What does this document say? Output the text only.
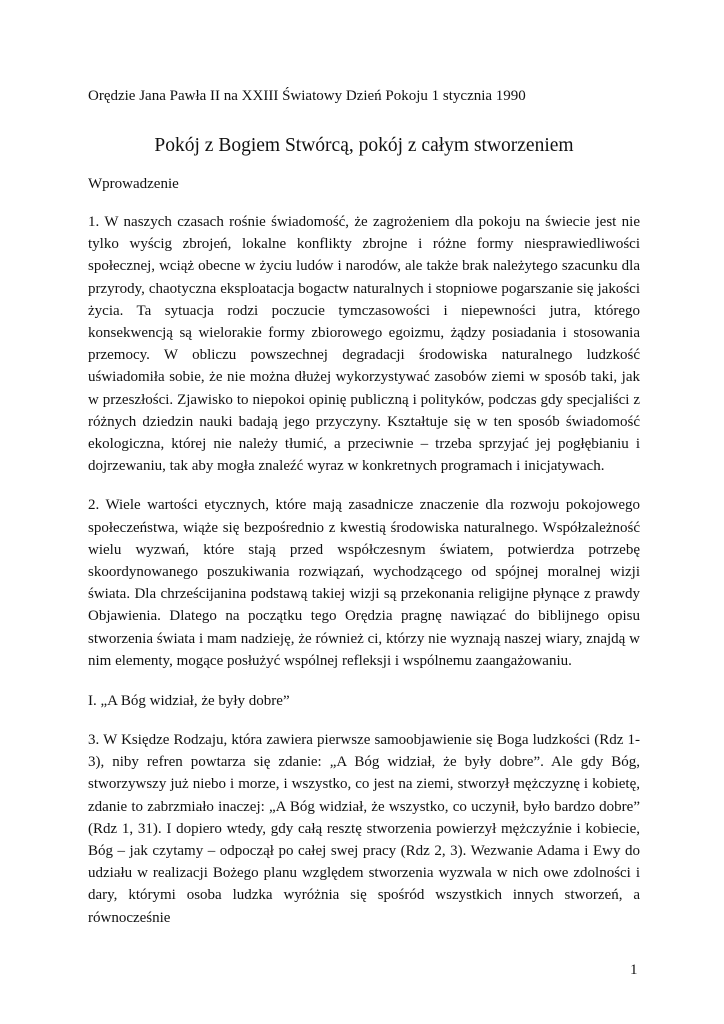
Orędzie Jana Pawła II na XXIII Światowy Dzień Pokoju 1 stycznia 1990

Pokój z Bogiem Stwórcą, pokój z całym stworzeniem

Wprowadzenie

1. W naszych czasach rośnie świadomość, że zagrożeniem dla pokoju na świecie jest nie tylko wyścig zbrojeń, lokalne konflikty zbrojne i różne formy niesprawiedliwości społecznej, wciąż obecne w życiu ludów i narodów, ale także brak należytego szacunku dla przyrody, chaotyczna eksploatacja bogactw naturalnych i stopniowe pogarszanie się jakości życia. Ta sytuacja rodzi poczucie tymczasowości i niepewności jutra, którego konsekwencją są wielorakie formy zbiorowego egoizmu, żądzy posiadania i stosowania przemocy. W obliczu powszechnej degradacji środowiska naturalnego ludzkość uświadomiła sobie, że nie można dłużej wykorzystywać zasobów ziemi w sposób taki, jak w przeszłości. Zjawisko to niepokoi opinię publiczną i polityków, podczas gdy specjaliści z różnych dziedzin nauki badają jego przyczyny. Kształtuje się w ten sposób świadomość ekologiczna, której nie należy tłumić, a przeciwnie – trzeba sprzyjać jej pogłębianiu i dojrzewaniu, tak aby mogła znaleźć wyraz w konkretnych programach i inicjatywach.

2. Wiele wartości etycznych, które mają zasadnicze znaczenie dla rozwoju pokojowego społeczeństwa, wiąże się bezpośrednio z kwestią środowiska naturalnego. Współzależność wielu wyzwań, które stają przed współczesnym światem, potwierdza potrzebę skoordynowanego poszukiwania rozwiązań, wychodzącego od spójnej moralnej wizji świata. Dla chrześcijanina podstawą takiej wizji są przekonania religijne płynące z prawdy Objawienia. Dlatego na początku tego Orędzia pragnę nawiązać do biblijnego opisu stworzenia świata i mam nadzieję, że również ci, którzy nie wyznają naszej wiary, znajdą w nim elementy, mogące posłużyć wspólnej refleksji i wspólnemu zaangażowaniu.

I. „A Bóg widział, że były dobre”

3. W Księdze Rodzaju, która zawiera pierwsze samoobjawienie się Boga ludzkości (Rdz 1-3), niby refren powtarza się zdanie: „A Bóg widział, że były dobre”. Ale gdy Bóg, stworzywszy już niebo i morze, i wszystko, co jest na ziemi, stworzył mężczyznę i kobietę, zdanie to zabrzmiało inaczej: „A Bóg widział, że wszystko, co uczynił, było bardzo dobre” (Rdz 1, 31). I dopiero wtedy, gdy całą resztę stworzenia powierzył mężczyźnie i kobiecie, Bóg – jak czytamy – odpoczął po całej swej pracy (Rdz 2, 3). Wezwanie Adama i Ewy do udziału w realizacji Bożego planu względem stworzenia wyzwala w nich owe zdolności i dary, którymi osoba ludzka wyróżnia się spośród wszystkich innych stworzeń, a równocześnie

1
